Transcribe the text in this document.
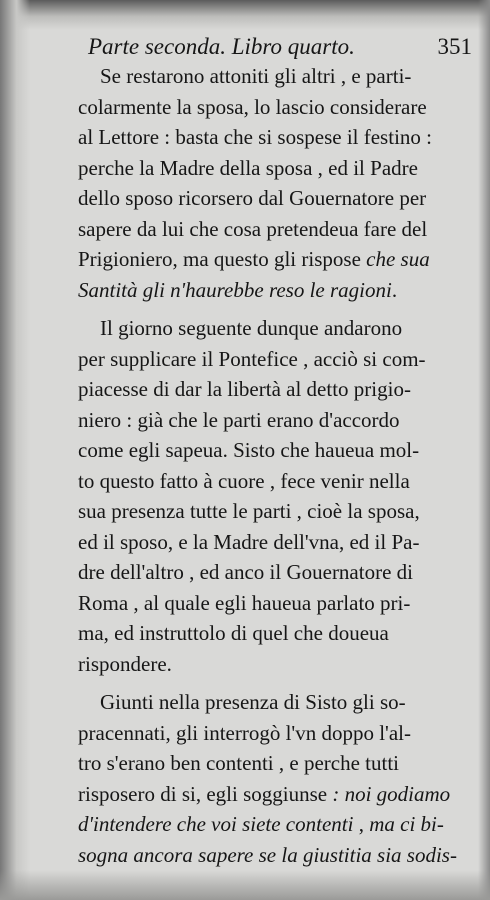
Parte seconda. Libro quarto.	351
Se restarono attoniti gli altri , e parti-
colarmente la sposa, lo lascio considerare
al Lettore : basta che si sospese il festino :
perche la Madre della sposa , ed il Padre
dello sposo ricorsero dal Gouernatore per
sapere da lui che cosa pretendeua fare del
Prigioniero, ma questo gli rispose che sua
Santità gli n'haurebbe reso le ragioni.
Il giorno seguente dunque andarono
per supplicare il Pontefice , acciò si com-
piacesse di dar la libertà al detto prigio-
niero : già che le parti erano d'accordo
come egli sapeua. Sisto che haueua mol-
to questo fatto à cuore , fece venir nella
sua presenza tutte le parti , cioè la sposa,
ed il sposo, e la Madre dell'vna, ed il Pa-
dre dell'altro , ed anco il Gouernatore di
Roma , al quale egli haueua parlato pri-
ma, ed instruttolo di quel che doueua
rispondere.
Giunti nella presenza di Sisto gli so-
pracennati, gli interrogò l'vn doppo l'al-
tro s'erano ben contenti , e perche tutti
risposero di si, egli soggiunse : noi godiamo
d'intendere che voi siete contenti , ma ci bi-
sogna ancora sapere se la giustitia sia sodis-
